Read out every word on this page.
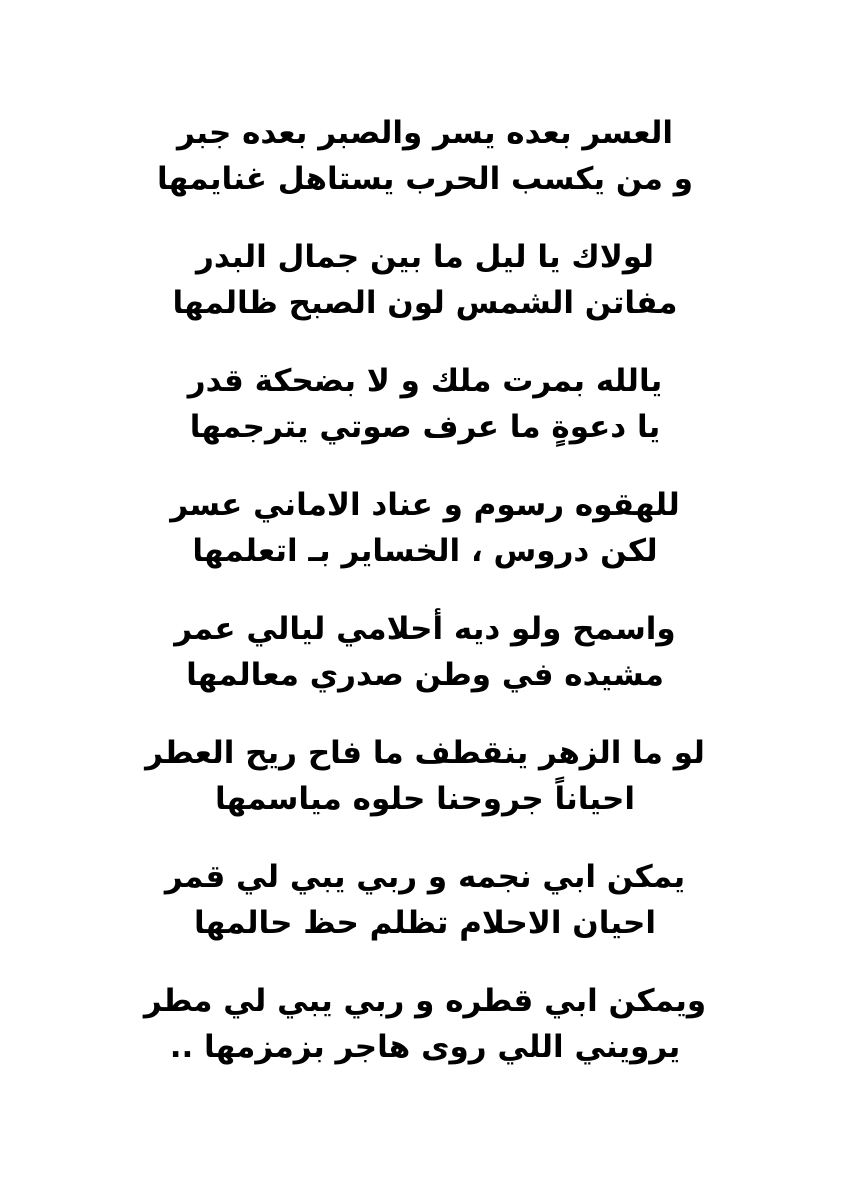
العسر بعده يسر والصبر بعده جبر
و من يكسب الحرب يستاهل غنايمها
لولاك يا ليل ما بين جمال البدر
مفاتن الشمس لون الصبح ظالمها
يالله بمرت ملك و لا بضحكة قدر
يا دعوةٍ ما عرف صوتي يترجمها
للهقوه رسوم و عناد الاماني عسر
لكن دروس ، الخساير بـ اتعلمها
واسمح ولو ديه أحلامي ليالي عمر
مشيده في وطن صدري معالمها
لو ما الزهر ينقطف ما فاح ريح العطر
احياناً جروحنا حلوه مياسمها
يمكن ابي نجمه و ربي يبي لي قمر
احيان الاحلام تظلم حظ حالمها
ويمكن ابي قطره و ربي يبي لي مطر
يرويني اللي روى هاجر بزمزمها ..
